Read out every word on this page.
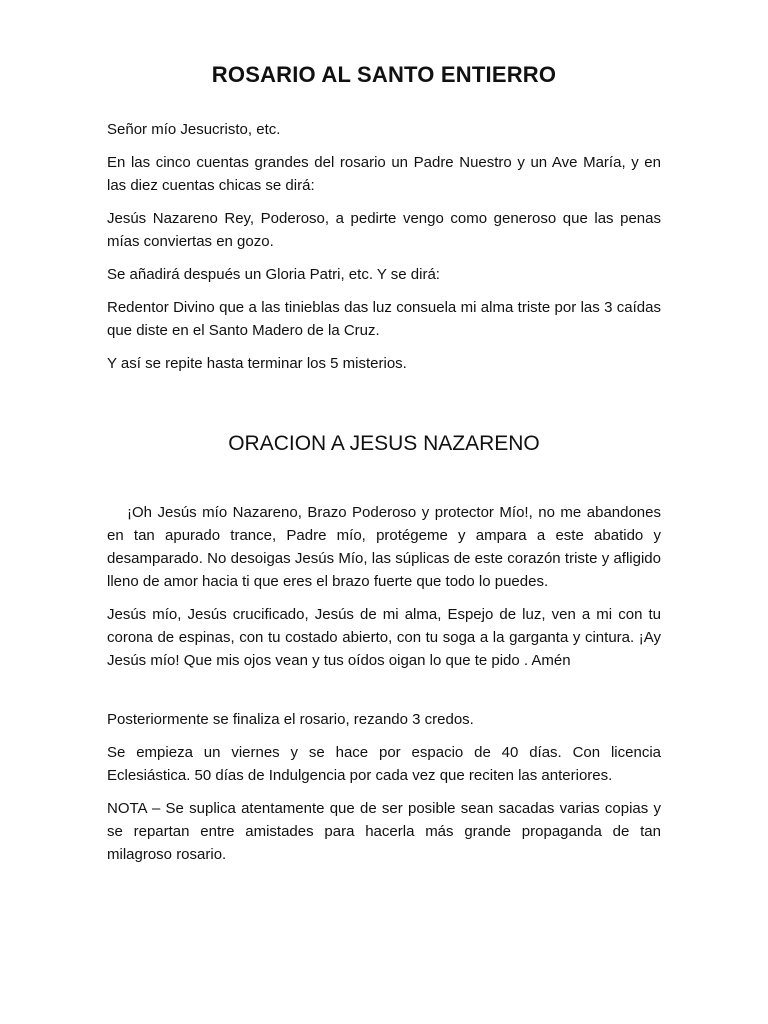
ROSARIO AL SANTO ENTIERRO

Señor mío Jesucristo, etc.

En las cinco cuentas grandes del rosario un Padre Nuestro y un Ave María, y en las diez cuentas chicas se dirá:

Jesús Nazareno Rey, Poderoso, a pedirte vengo como generoso que las penas mías conviertas en gozo.

Se añadirá después un Gloria Patri, etc. Y se dirá:

Redentor Divino que a las tinieblas das luz consuela mi alma triste por las 3 caídas que diste en el Santo Madero de la Cruz.

Y así se repite hasta terminar los 5 misterios.

ORACION A JESUS NAZARENO

¡Oh Jesús mío Nazareno, Brazo Poderoso y protector Mío!, no me abandones en tan apurado trance, Padre mío, protégeme y ampara a este abatido y desamparado. No desoigas Jesús Mío, las súplicas de este corazón triste y afligido lleno de amor hacia ti que eres el brazo fuerte que todo lo puedes.

Jesús mío, Jesús crucificado, Jesús de mi alma, Espejo de luz, ven a mi con tu corona de espinas, con tu costado abierto, con tu soga a la garganta y cintura. ¡Ay Jesús mío! Que mis ojos vean y tus oídos oigan lo que te pido . Amén

Posteriormente se finaliza el rosario, rezando 3 credos.

Se empieza un viernes y se hace por espacio de 40 días. Con licencia Eclesiástica. 50 días de Indulgencia por cada vez que reciten las anteriores.

NOTA – Se suplica atentamente que de ser posible sean sacadas varias copias y se repartan entre amistades para hacerla más grande propaganda de tan milagroso rosario.
